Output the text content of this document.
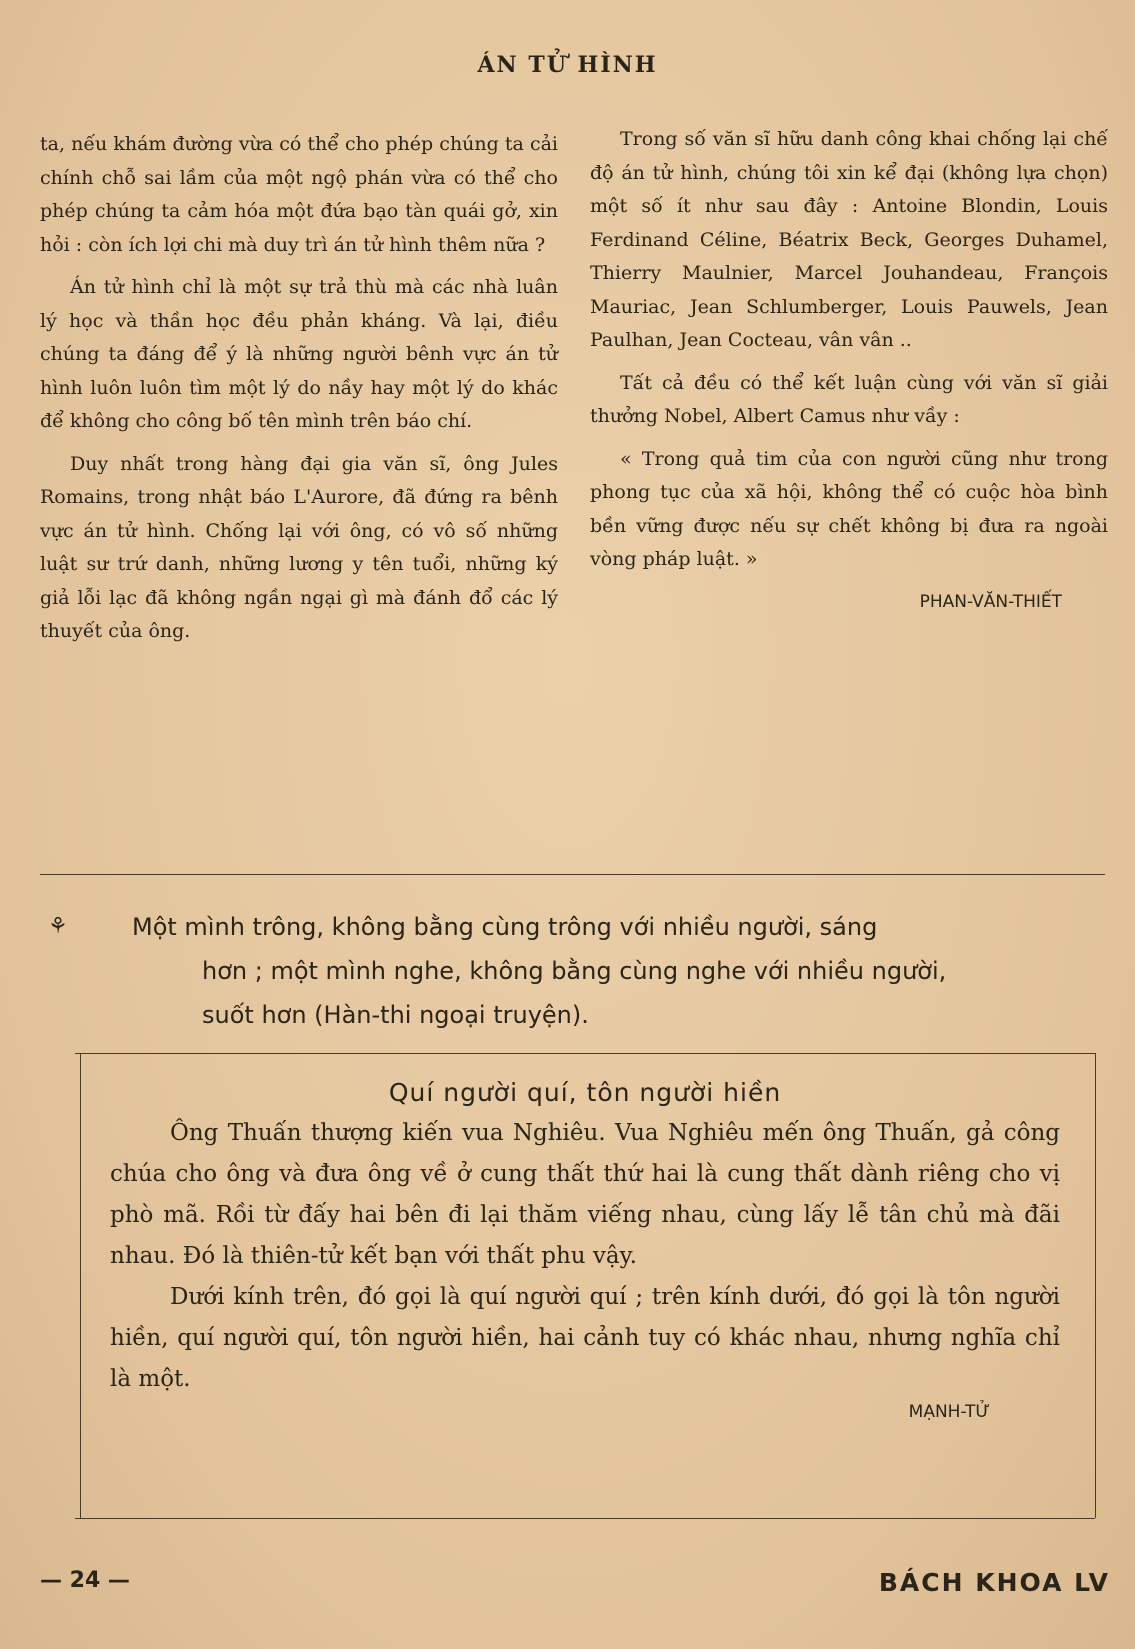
ÁN TỬ HÌNH

ta, nếu khám đường vừa có thể cho phép chúng ta cải chính chỗ sai lầm của một ngộ phán vừa có thể cho phép chúng ta cảm hóa một đứa bạo tàn quái gở, xin hỏi : còn ích lợi chi mà duy trì án tử hình thêm nữa ?

Án tử hình chỉ là một sự trả thù mà các nhà luân lý học và thần học đều phản kháng. Và lại, điều chúng ta đáng để ý là những người bênh vực án tử hình luôn luôn tìm một lý do nầy hay một lý do khác để không cho công bố tên mình trên báo chí.

Duy nhất trong hàng đại gia văn sĩ, ông Jules Romains, trong nhật báo L'Aurore, đã đứng ra bênh vực án tử hình. Chống lại với ông, có vô số những luật sư trứ danh, những lương y tên tuổi, những ký giả lỗi lạc đã không ngần ngại gì mà đánh đổ các lý thuyết của ông.

Trong số văn sĩ hữu danh công khai chống lại chế độ án tử hình, chúng tôi xin kể đại (không lựa chọn) một số ít như sau đây : Antoine Blondin, Louis Ferdinand Céline, Béatrix Beck, Georges Duhamel, Thierry Maulnier, Marcel Jouhandeau, François Mauriac, Jean Schlumberger, Louis Pauwels, Jean Paulhan, Jean Cocteau, vân vân ..

Tất cả đều có thể kết luận cùng với văn sĩ giải thưởng Nobel, Albert Camus như vầy :

« Trong quả tim của con người cũng như trong phong tục của xã hội, không thể có cuộc hòa bình bền vững được nếu sự chết không bị đưa ra ngoài vòng pháp luật. »

PHAN-VĂN-THIẾT
⚘	Một mình trông, không bằng cùng trông với nhiều người, sáng
hơn ; một mình nghe, không bằng cùng nghe với nhiều người,
suốt hơn (Hàn-thi ngoại truyện).
Quí người quí, tôn người hiền

Ông Thuấn thượng kiến vua Nghiêu. Vua Nghiêu mến ông Thuấn, gả công chúa cho ông và đưa ông về ở cung thất thứ hai là cung thất dành riêng cho vị phò mã. Rồi từ đấy hai bên đi lại thăm viếng nhau, cùng lấy lễ tân chủ mà đãi nhau. Đó là thiên-tử kết bạn với thất phu vậy.

Dưới kính trên, đó gọi là quí người quí ; trên kính dưới, đó gọi là tôn người hiền, quí người quí, tôn người hiền, hai cảnh tuy có khác nhau, nhưng nghĩa chỉ là một.

MẠNH-TỬ
— 24 —	BÁCH KHOA LV
